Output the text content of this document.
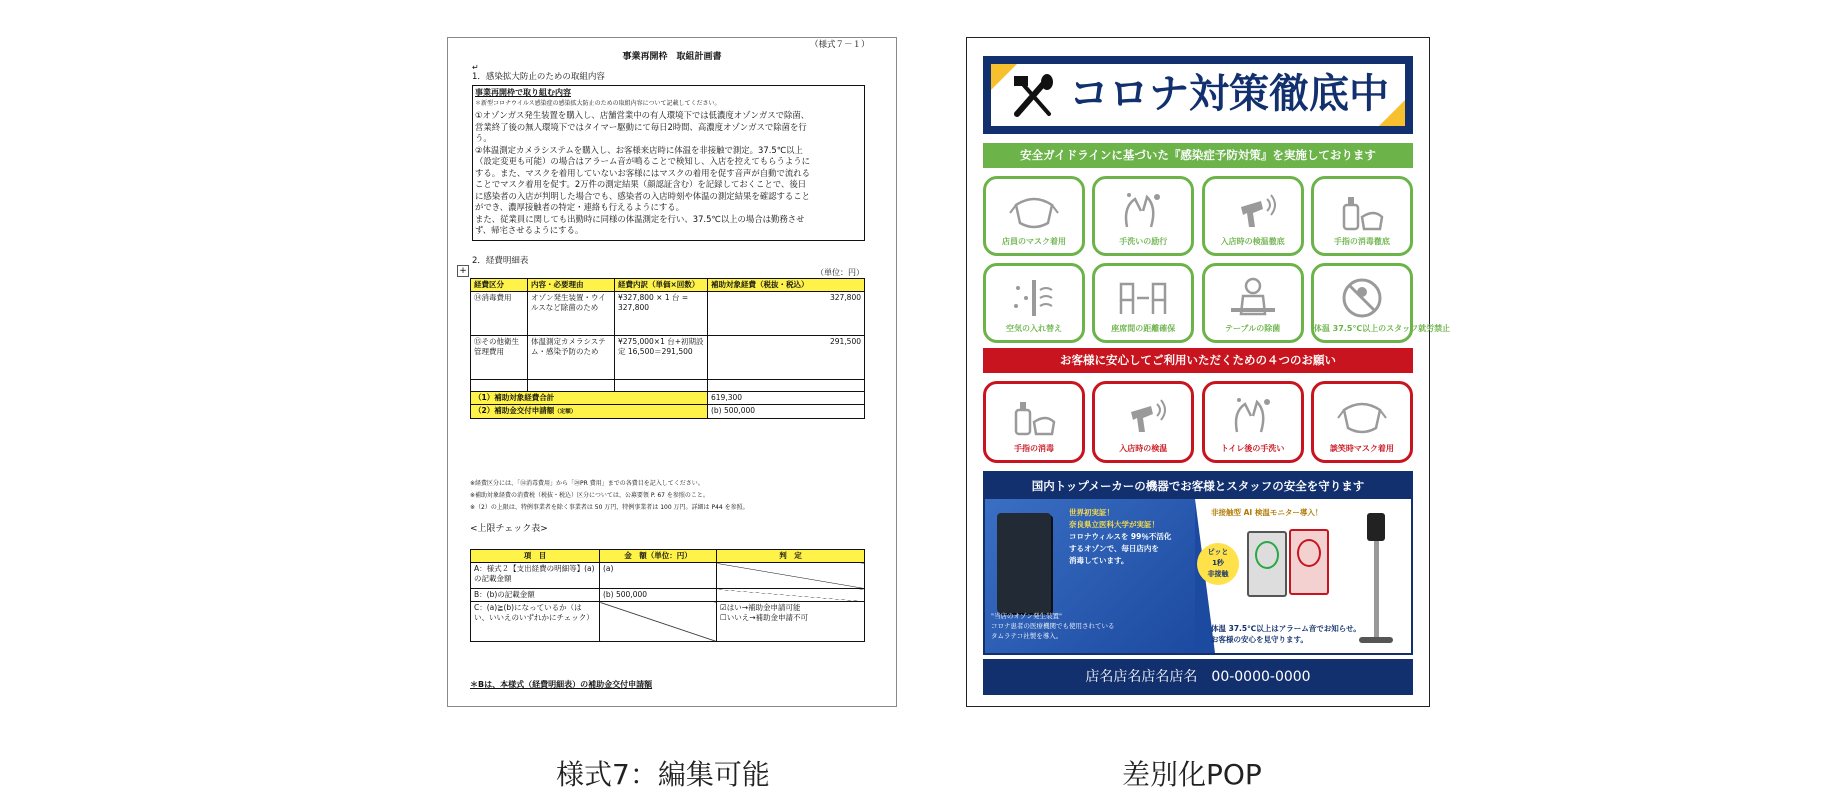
（様式７－１）
事業再開枠　取組計画書
↵
1．感染拡大防止のための取組内容
事業再開枠で取り組む内容
＊新型コロナウイルス感染症の感染拡大防止のための取組内容について記載してください。
①オゾンガス発生装置を購入し、店舗営業中の有人環境下では低濃度オゾンガスで除菌、
営業終了後の無人環境下ではタイマー駆動にて毎日2時間、高濃度オゾンガスで除菌を行
う。
②体温測定カメラシステムを購入し、お客様来店時に体温を非接触で測定。37.5℃以上
（設定変更も可能）の場合はアラーム音が鳴ることで検知し、入店を控えてもらうように
する。また、マスクを着用していないお客様にはマスクの着用を促す音声が自動で流れる
ことでマスク着用を促す。2万件の測定結果（顔認証含む）を記録しておくことで、後日
に感染者の入店が判明した場合でも、感染者の入店時刻や体温の測定結果を確認すること
ができ、濃厚接触者の特定・連絡も行えるようにする。
また、従業員に関しても出勤時に同様の体温測定を行い、37.5℃以上の場合は勤務させ
ず、帰宅させるようにする。
2．経費明細表
+	（単位：円）
経費区分	内容・必要理由	経費内訳（単価×回数）	補助対象経費（税抜・税込）
⑭消毒費用	オゾン発生装置・ウイルスなど除菌のため	¥327,800 × 1 台 = 327,800	327,800
⑮その他衛生管理費用	体温測定カメラシステム・感染予防のため	¥275,000×1 台+初期設定 16,500＝291,500	291,500

（1）補助対象経費合計			619,300
（2）補助金交付申請額（定額）			(b) 500,000
※経費区分には、「⑭消毒費用」から「⑳PR 費用」までの各費目を記入してください。
※補助対象経費の消費税（税抜・税込）区分については、公募要領 P. 67 を参照のこと。
※（2）の上限は、特例事業者を除く事業者は 50 万円、特例事業者は 100 万円。詳細は P44 を参照。
<上限チェック表>
項　目	金　額（単位：円）	判　定
A：様式２【支出経費の明細等】(a)の記載金額	(a)	
B：(b)の記載金額	(b) 500,000	
C：(a)≧(b)になっているか（はい、いいえのいずれかにチェック）		☑はい→補助金申請可能
☐いいえ→補助金申請不可
＊Bは、本様式（経費明細表）の補助金交付申請額
コロナ対策徹底中
安全ガイドラインに基づいた『感染症予防対策』を実施しております
店員のマスク着用	手洗いの励行	入店時の検温徹底	手指の消毒徹底
空気の入れ替え	座席間の距離確保	テーブルの除菌	体温 37.5℃以上のスタッフ就労禁止
お客様に安心してご利用いただくための４つのお願い
手指の消毒	入店時の検温	トイレ後の手洗い	談笑時マスク着用
国内トップメーカーの機器でお客様とスタッフの安全を守ります
世界初実証！
奈良県立医科大学が実証！
コロナウィルスを 99％不活化
するオゾンで、毎日店内を
消毒しています。
"当店のオゾン発生装置"
コロナ患者の医療機関でも使用されている
タムラテコ社製を導入。
ピッと
1秒
非接触
非接触型 AI 検温モニター導入！
体温 37.5℃以上はアラーム音でお知らせ。
お客様の安心を見守ります。
店名店名店名店名　00-0000-0000
様式7：編集可能	差別化POP
